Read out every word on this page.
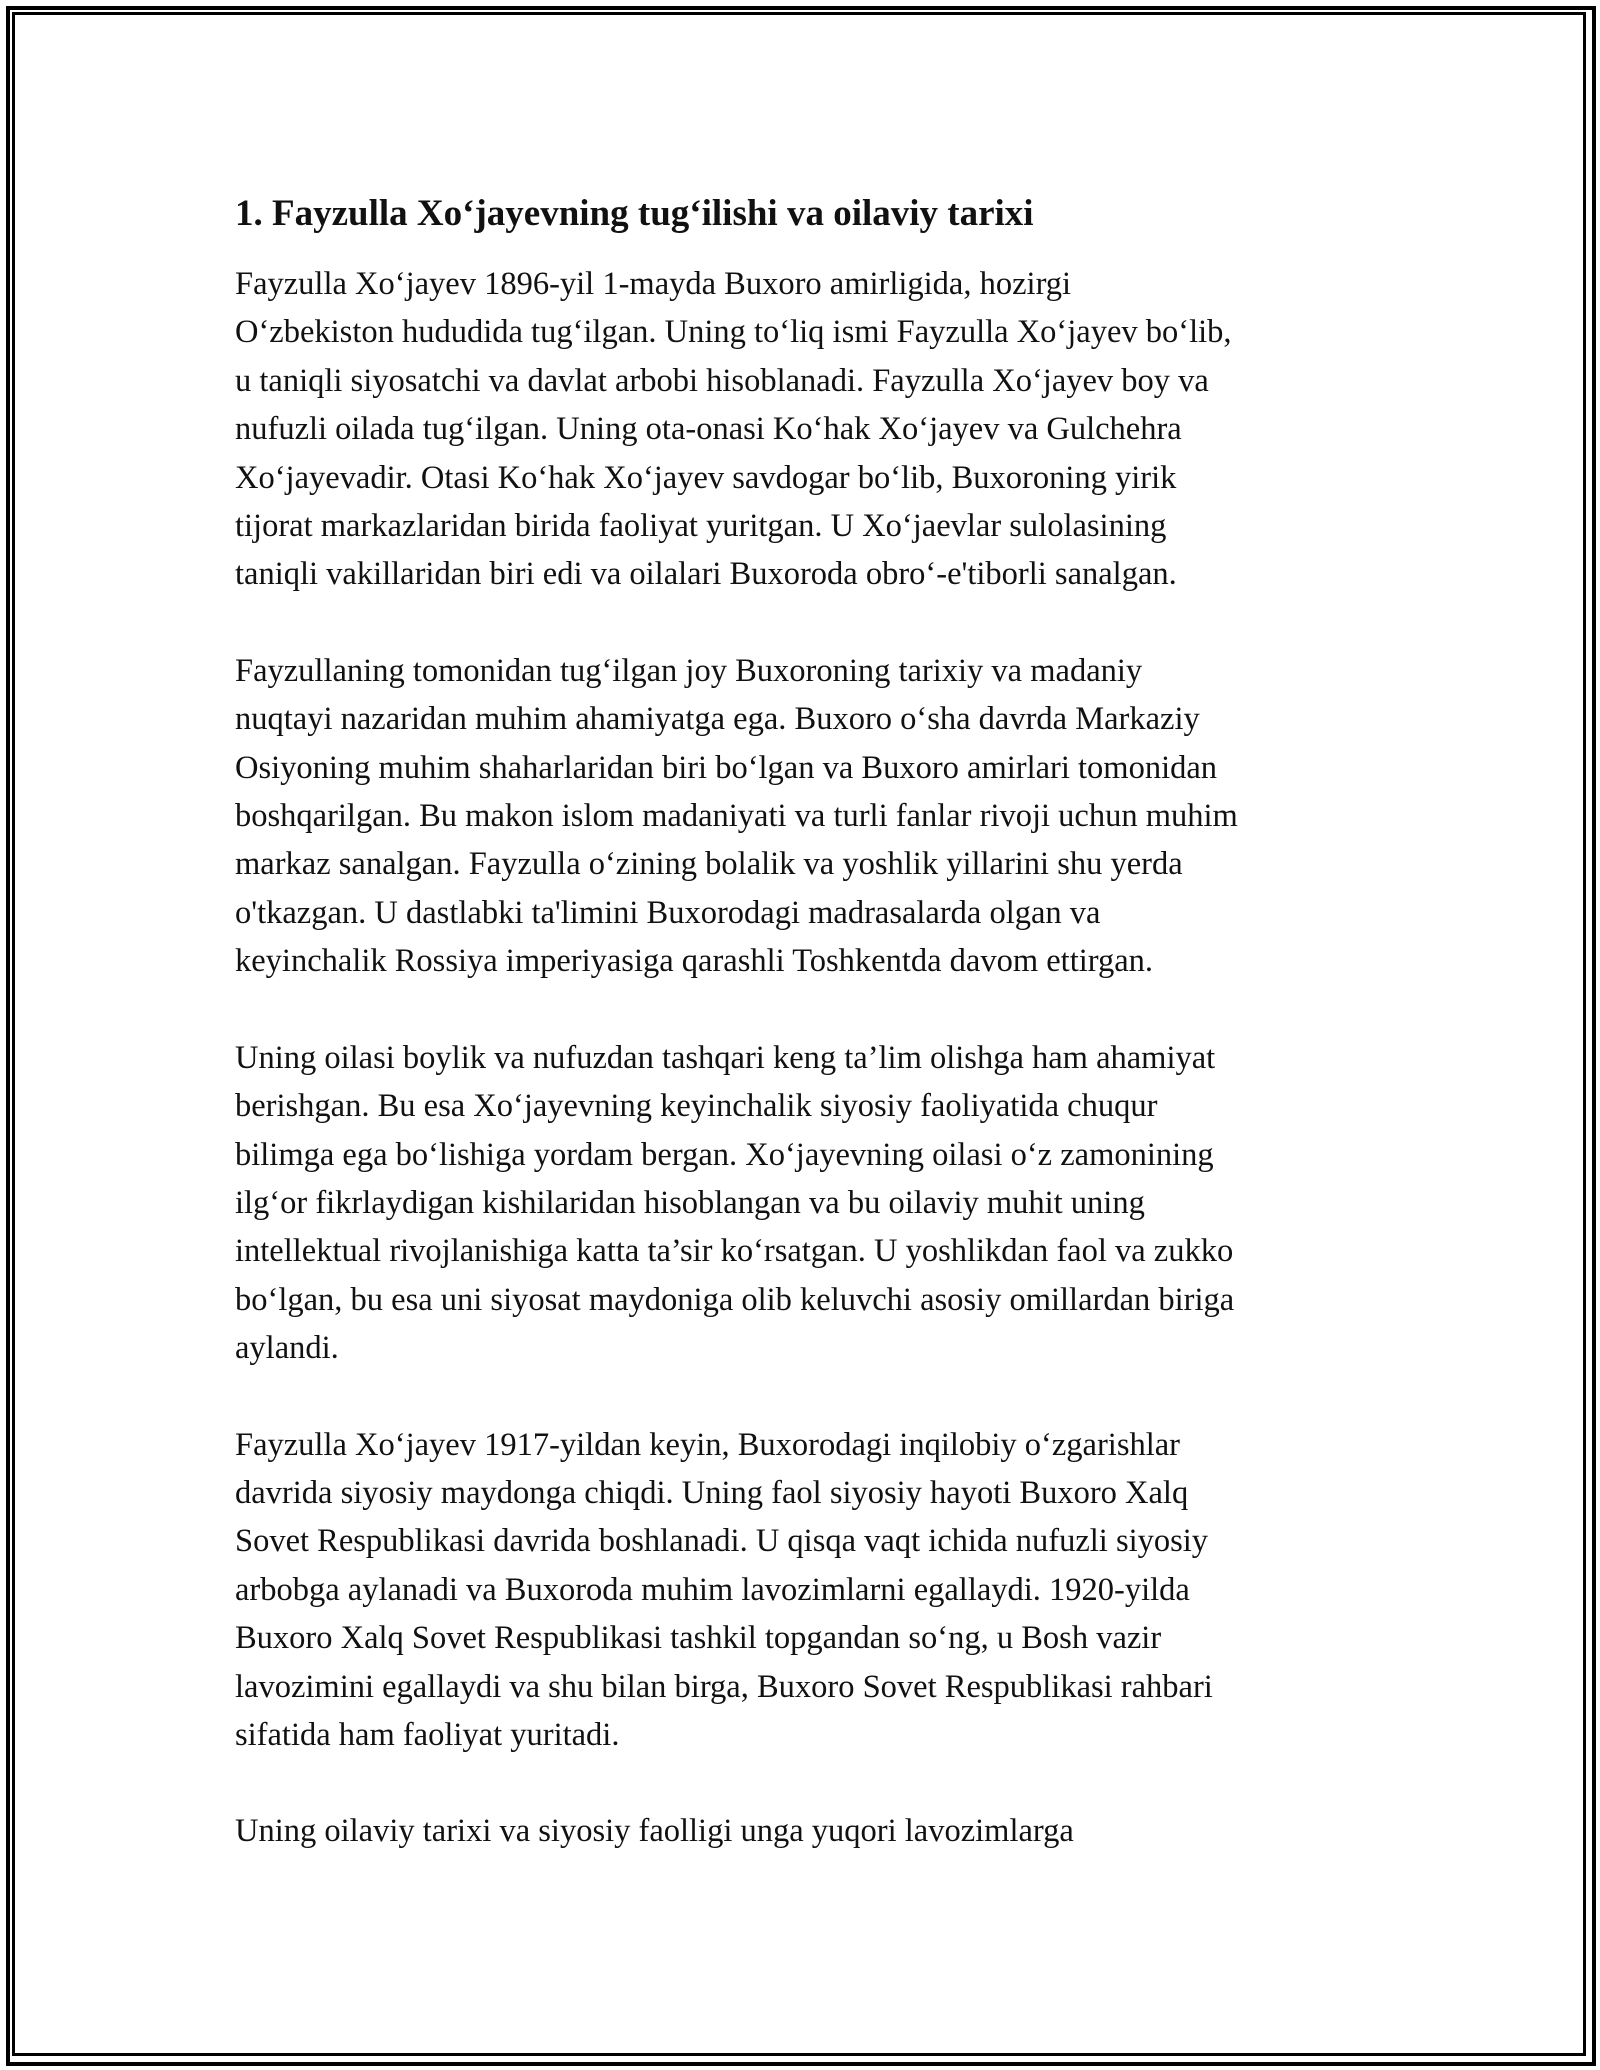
1. Fayzulla Xo‘jayevning tug‘ilishi va oilaviy tarixi
Fayzulla Xo‘jayev 1896-yil 1-mayda Buxoro amirligida, hozirgi
O‘zbekiston hududida tug‘ilgan. Uning to‘liq ismi Fayzulla Xo‘jayev bo‘lib,
u taniqli siyosatchi va davlat arbobi hisoblanadi. Fayzulla Xo‘jayev boy va
nufuzli oilada tug‘ilgan. Uning ota-onasi Ko‘hak Xo‘jayev va Gulchehra
Xo‘jayevadir. Otasi Ko‘hak Xo‘jayev savdogar bo‘lib, Buxoroning yirik
tijorat markazlaridan birida faoliyat yuritgan. U Xo‘jaevlar sulolasining
taniqli vakillaridan biri edi va oilalari Buxoroda obro‘-e'tiborli sanalgan.
Fayzullaning tomonidan tug‘ilgan joy Buxoroning tarixiy va madaniy
nuqtayi nazaridan muhim ahamiyatga ega. Buxoro o‘sha davrda Markaziy
Osiyoning muhim shaharlaridan biri bo‘lgan va Buxoro amirlari tomonidan
boshqarilgan. Bu makon islom madaniyati va turli fanlar rivoji uchun muhim
markaz sanalgan. Fayzulla o‘zining bolalik va yoshlik yillarini shu yerda
o'tkazgan. U dastlabki ta'limini Buxorodagi madrasalarda olgan va
keyinchalik Rossiya imperiyasiga qarashli Toshkentda davom ettirgan.
Uning oilasi boylik va nufuzdan tashqari keng ta’lim olishga ham ahamiyat
berishgan. Bu esa Xo‘jayevning keyinchalik siyosiy faoliyatida chuqur
bilimga ega bo‘lishiga yordam bergan. Xo‘jayevning oilasi o‘z zamonining
ilg‘or fikrlaydigan kishilaridan hisoblangan va bu oilaviy muhit uning
intellektual rivojlanishiga katta ta’sir ko‘rsatgan. U yoshlikdan faol va zukko
bo‘lgan, bu esa uni siyosat maydoniga olib keluvchi asosiy omillardan biriga
aylandi.
Fayzulla Xo‘jayev 1917-yildan keyin, Buxorodagi inqilobiy o‘zgarishlar
davrida siyosiy maydonga chiqdi. Uning faol siyosiy hayoti Buxoro Xalq
Sovet Respublikasi davrida boshlanadi. U qisqa vaqt ichida nufuzli siyosiy
arbobga aylanadi va Buxoroda muhim lavozimlarni egallaydi. 1920-yilda
Buxoro Xalq Sovet Respublikasi tashkil topgandan so‘ng, u Bosh vazir
lavozimini egallaydi va shu bilan birga, Buxoro Sovet Respublikasi rahbari
sifatida ham faoliyat yuritadi.
Uning oilaviy tarixi va siyosiy faolligi unga yuqori lavozimlarga
